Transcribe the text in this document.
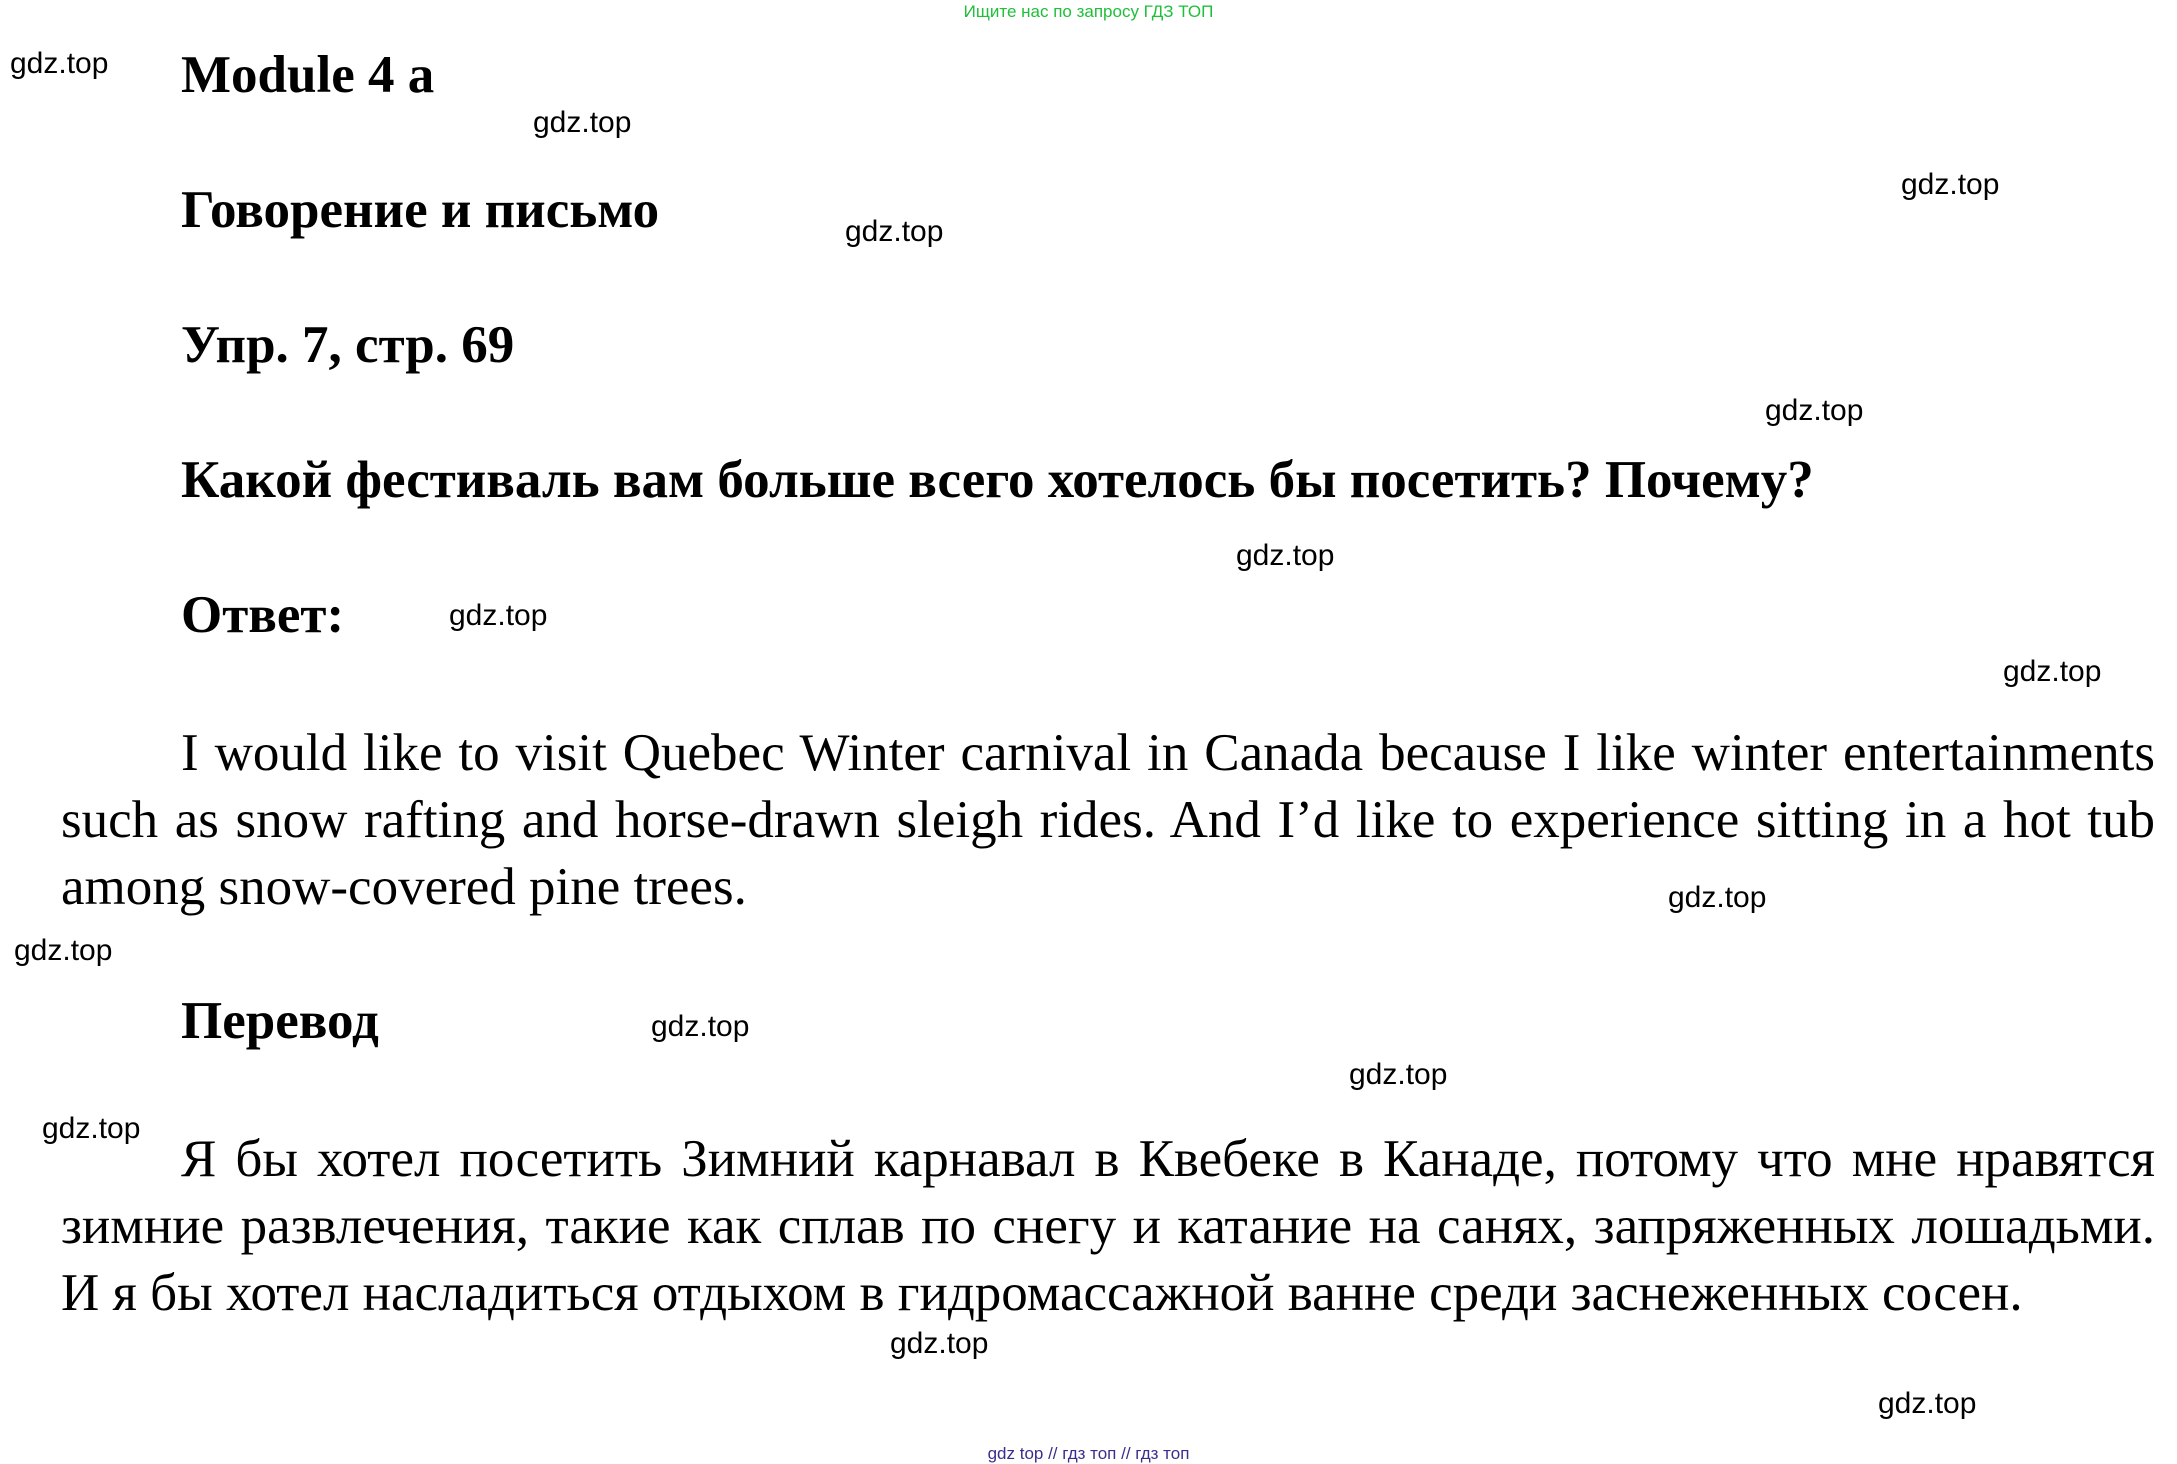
Ищите нас по запросу ГДЗ ТОП
Module 4 a
Говорение и письмо
Упр. 7, стр. 69
Какой фестиваль вам больше всего хотелось бы посетить? Почему?
Ответ:

I would like to visit Quebec Winter carnival in Canada because I like winter entertainments such as snow rafting and horse-drawn sleigh rides. And I’d like to experience sitting in a hot tub among snow-covered pine trees.

Перевод

Я бы хотел посетить Зимний карнавал в Квебеке в Канаде, потому что мне нравятся зимние развлечения, такие как сплав по снегу и катание на санях, запряженных лошадьми. И я бы хотел насладиться отдыхом в гидромассажной ванне среди заснеженных сосен.

gdz.top
gdz.top
gdz.top
gdz.top
gdz.top
gdz.top
gdz.top
gdz.top
gdz.top
gdz.top
gdz.top
gdz.top
gdz.top
gdz.top
gdz.top
gdz top // гдз топ // гдз топ
